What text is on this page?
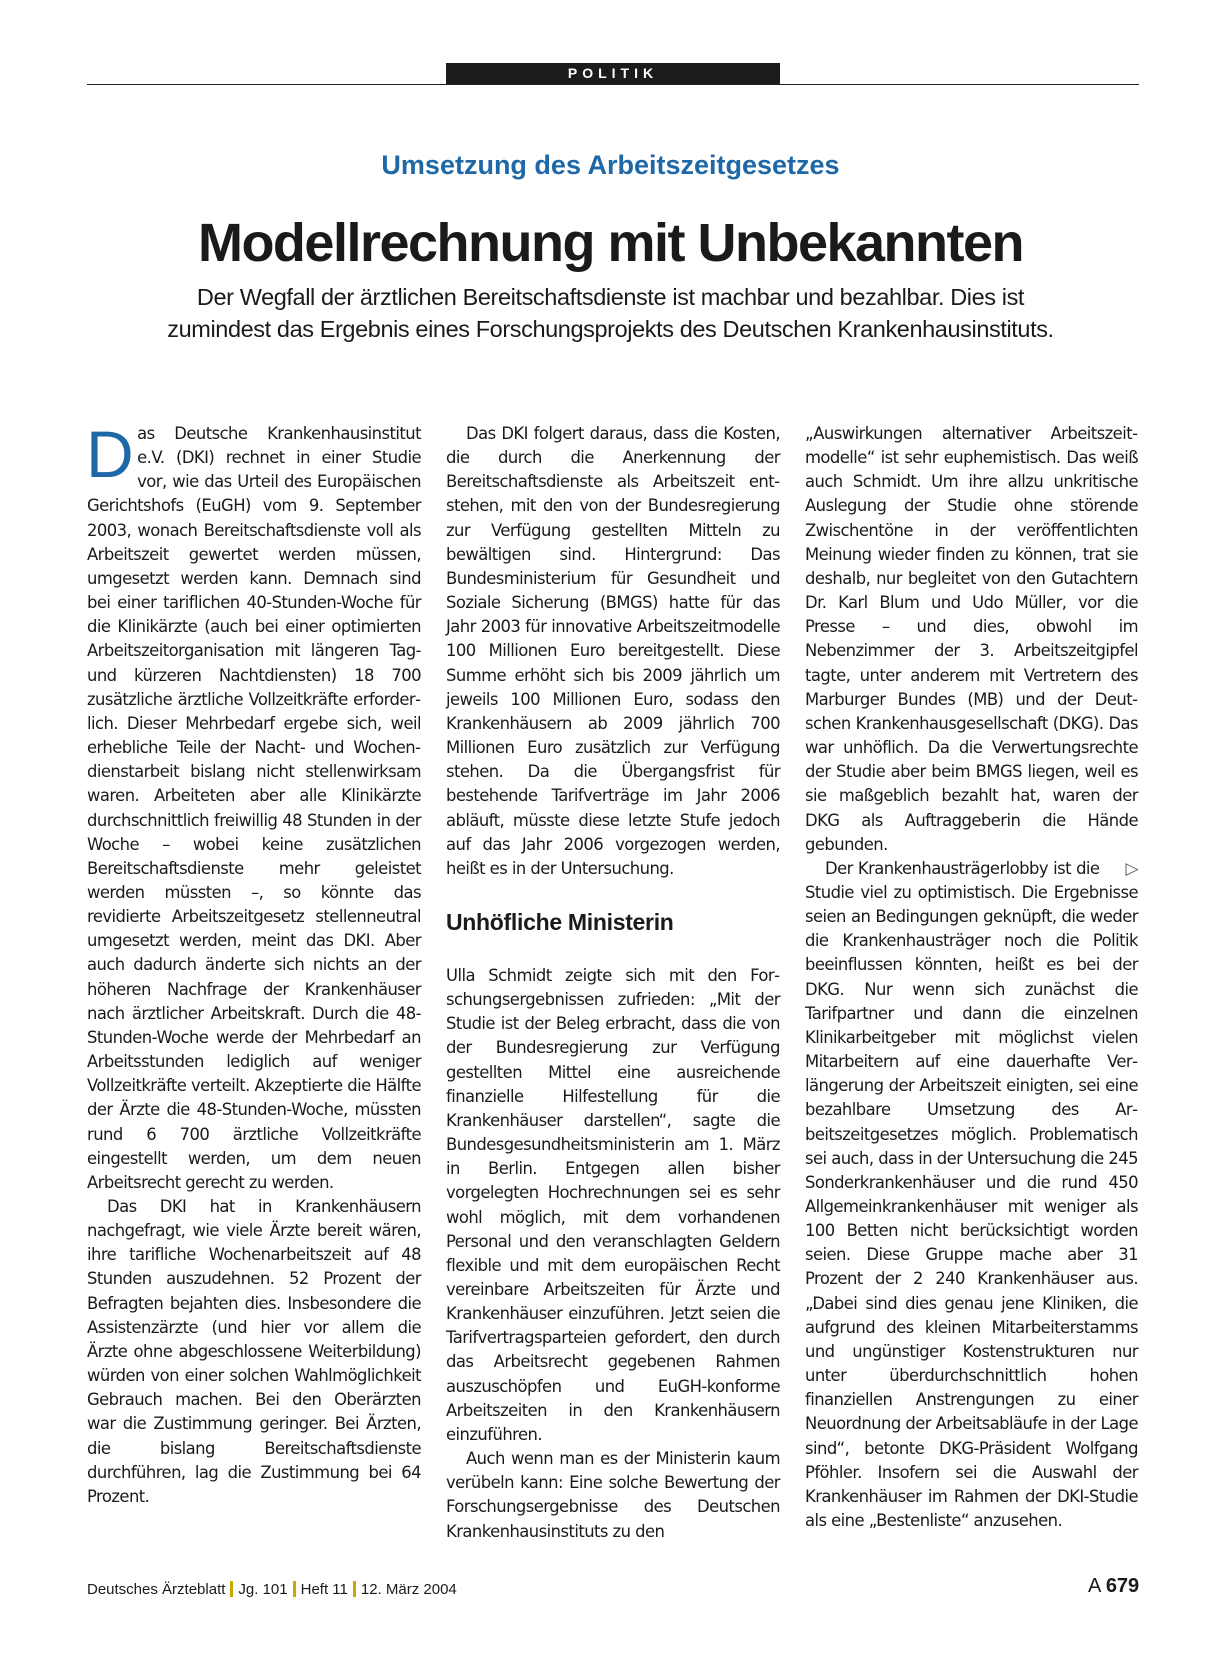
POLITIK
Umsetzung des Arbeitszeitgesetzes
Modellrechnung mit Unbekannten
Der Wegfall der ärztlichen Bereitschaftsdienste ist machbar und bezahlbar. Dies ist
zumindest das Ergebnis eines Forschungsprojekts des Deutschen Krankenhausinstituts.

Das Deutsche Krankenhausinstitut e.V. (DKI) rechnet in einer Studie vor, wie das Urteil des Europäischen Gerichtshofs (EuGH) vom 9. September 2003, wonach Bereitschaftsdienste voll als Arbeitszeit gewertet werden müssen, umgesetzt werden kann. Demnach sind bei einer tariflichen 40-Stunden-Woche für die Klinikärzte (auch bei einer optimierten Arbeitszeitorganisation mit längeren Tag- und kürzeren Nachtdiensten) 18 700 zusätzliche ärztliche Vollzeitkräfte erforderlich. Dieser Mehrbedarf ergebe sich, weil erhebliche Teile der Nacht- und Wochendienstarbeit bislang nicht stellenwirksam waren. Arbeiteten aber alle Klinikärzte durchschnittlich freiwillig 48 Stunden in der Woche – wobei keine zusätzlichen Bereitschaftsdienste mehr geleistet werden müssten –, so könnte das revidierte Arbeitszeitgesetz stellenneutral umgesetzt werden, meint das DKI. Aber auch dadurch änderte sich nichts an der höheren Nachfrage der Krankenhäuser nach ärztlicher Arbeitskraft. Durch die 48-Stunden-Woche werde der Mehrbedarf an Arbeitsstunden lediglich auf weniger Vollzeitkräfte verteilt. Akzeptierte die Hälfte der Ärzte die 48-Stunden-Woche, müssten rund 6 700 ärztliche Vollzeitkräfte eingestellt werden, um dem neuen Arbeitsrecht gerecht zu werden.

Das DKI hat in Krankenhäusern nachgefragt, wie viele Ärzte bereit wären, ihre tarifliche Wochenarbeitszeit auf 48 Stunden auszudehnen. 52 Prozent der Befragten bejahten dies. Insbesondere die Assistenzärzte (und hier vor allem die Ärzte ohne abgeschlossene Weiterbildung) würden von einer solchen Wahlmöglichkeit Gebrauch machen. Bei den Oberärzten war die Zustimmung geringer. Bei Ärzten, die bislang Bereitschaftsdienste durchführen, lag die Zustimmung bei 64 Prozent.

Das DKI folgert daraus, dass die Kosten, die durch die Anerkennung der Bereitschaftsdienste als Arbeitszeit entstehen, mit den von der Bundesregierung zur Verfügung gestellten Mitteln zu bewältigen sind. Hintergrund: Das Bundesministerium für Gesundheit und Soziale Sicherung (BMGS) hatte für das Jahr 2003 für innovative Arbeitszeitmodelle 100 Millionen Euro bereitgestellt. Diese Summe erhöht sich bis 2009 jährlich um jeweils 100 Millionen Euro, sodass den Krankenhäusern ab 2009 jährlich 700 Millionen Euro zusätzlich zur Verfügung stehen. Da die Übergangsfrist für bestehende Tarifverträge im Jahr 2006 abläuft, müsste diese letzte Stufe jedoch auf das Jahr 2006 vorgezogen werden, heißt es in der Untersuchung.

Unhöfliche Ministerin

Ulla Schmidt zeigte sich mit den Forschungsergebnissen zufrieden: „Mit der Studie ist der Beleg erbracht, dass die von der Bundesregierung zur Verfügung gestellten Mittel eine ausreichende finanzielle Hilfestellung für die Krankenhäuser darstellen“, sagte die Bundesgesundheitsministerin am 1. März in Berlin. Entgegen allen bisher vorgelegten Hochrechnungen sei es sehr wohl möglich, mit dem vorhandenen Personal und den veranschlagten Geldern flexible und mit dem europäischen Recht vereinbare Arbeitszeiten für Ärzte und Krankenhäuser einzuführen. Jetzt seien die Tarifvertragsparteien gefordert, den durch das Arbeitsrecht gegebenen Rahmen auszuschöpfen und EuGH-konforme Arbeitszeiten in den Krankenhäusern einzuführen.

Auch wenn man es der Ministerin kaum verübeln kann: Eine solche Bewertung der Forschungsergebnisse des Deutschen Krankenhausinstituts zu den

„Auswirkungen alternativer Arbeitszeitmodelle“ ist sehr euphemistisch. Das weiß auch Schmidt. Um ihre allzu unkritische Auslegung der Studie ohne störende Zwischentöne in der veröffentlichten Meinung wieder finden zu können, trat sie deshalb, nur begleitet von den Gutachtern Dr. Karl Blum und Udo Müller, vor die Presse – und dies, obwohl im Nebenzimmer der 3. Arbeitszeitgipfel tagte, unter anderem mit Vertretern des Marburger Bundes (MB) und der Deutschen Krankenhausgesellschaft (DKG). Das war unhöflich. Da die Verwertungsrechte der Studie aber beim BMGS liegen, weil es sie maßgeblich bezahlt hat, waren der DKG als Auftraggeberin die Hände gebunden.

▷
Der Krankenhausträgerlobby ist die Studie viel zu optimistisch. Die Ergebnisse seien an Bedingungen geknüpft, die weder die Krankenhausträger noch die Politik beeinflussen könnten, heißt es bei der DKG. Nur wenn sich zunächst die Tarifpartner und dann die einzelnen Klinikarbeitgeber mit möglichst vielen Mitarbeitern auf eine dauerhafte Verlängerung der Arbeitszeit einigten, sei eine bezahlbare Umsetzung des Arbeitszeitgesetzes möglich. Problematisch sei auch, dass in der Untersuchung die 245 Sonderkrankenhäuser und die rund 450 Allgemeinkrankenhäuser mit weniger als 100 Betten nicht berücksichtigt worden seien. Diese Gruppe mache aber 31 Prozent der 2 240 Krankenhäuser aus. „Dabei sind dies genau jene Kliniken, die aufgrund des kleinen Mitarbeiterstamms und ungünstiger Kostenstrukturen nur unter überdurchschnittlich hohen finanziellen Anstrengungen zu einer Neuordnung der Arbeitsabläufe in der Lage sind“, betonte DKG-Präsident Wolfgang Pföhler. Insofern sei die Auswahl der Krankenhäuser im Rahmen der DKI-Studie als eine „Bestenliste“ anzusehen.

Deutsches Ärzteblatt Jg. 101 Heft 11 12. März 2004	A 679
